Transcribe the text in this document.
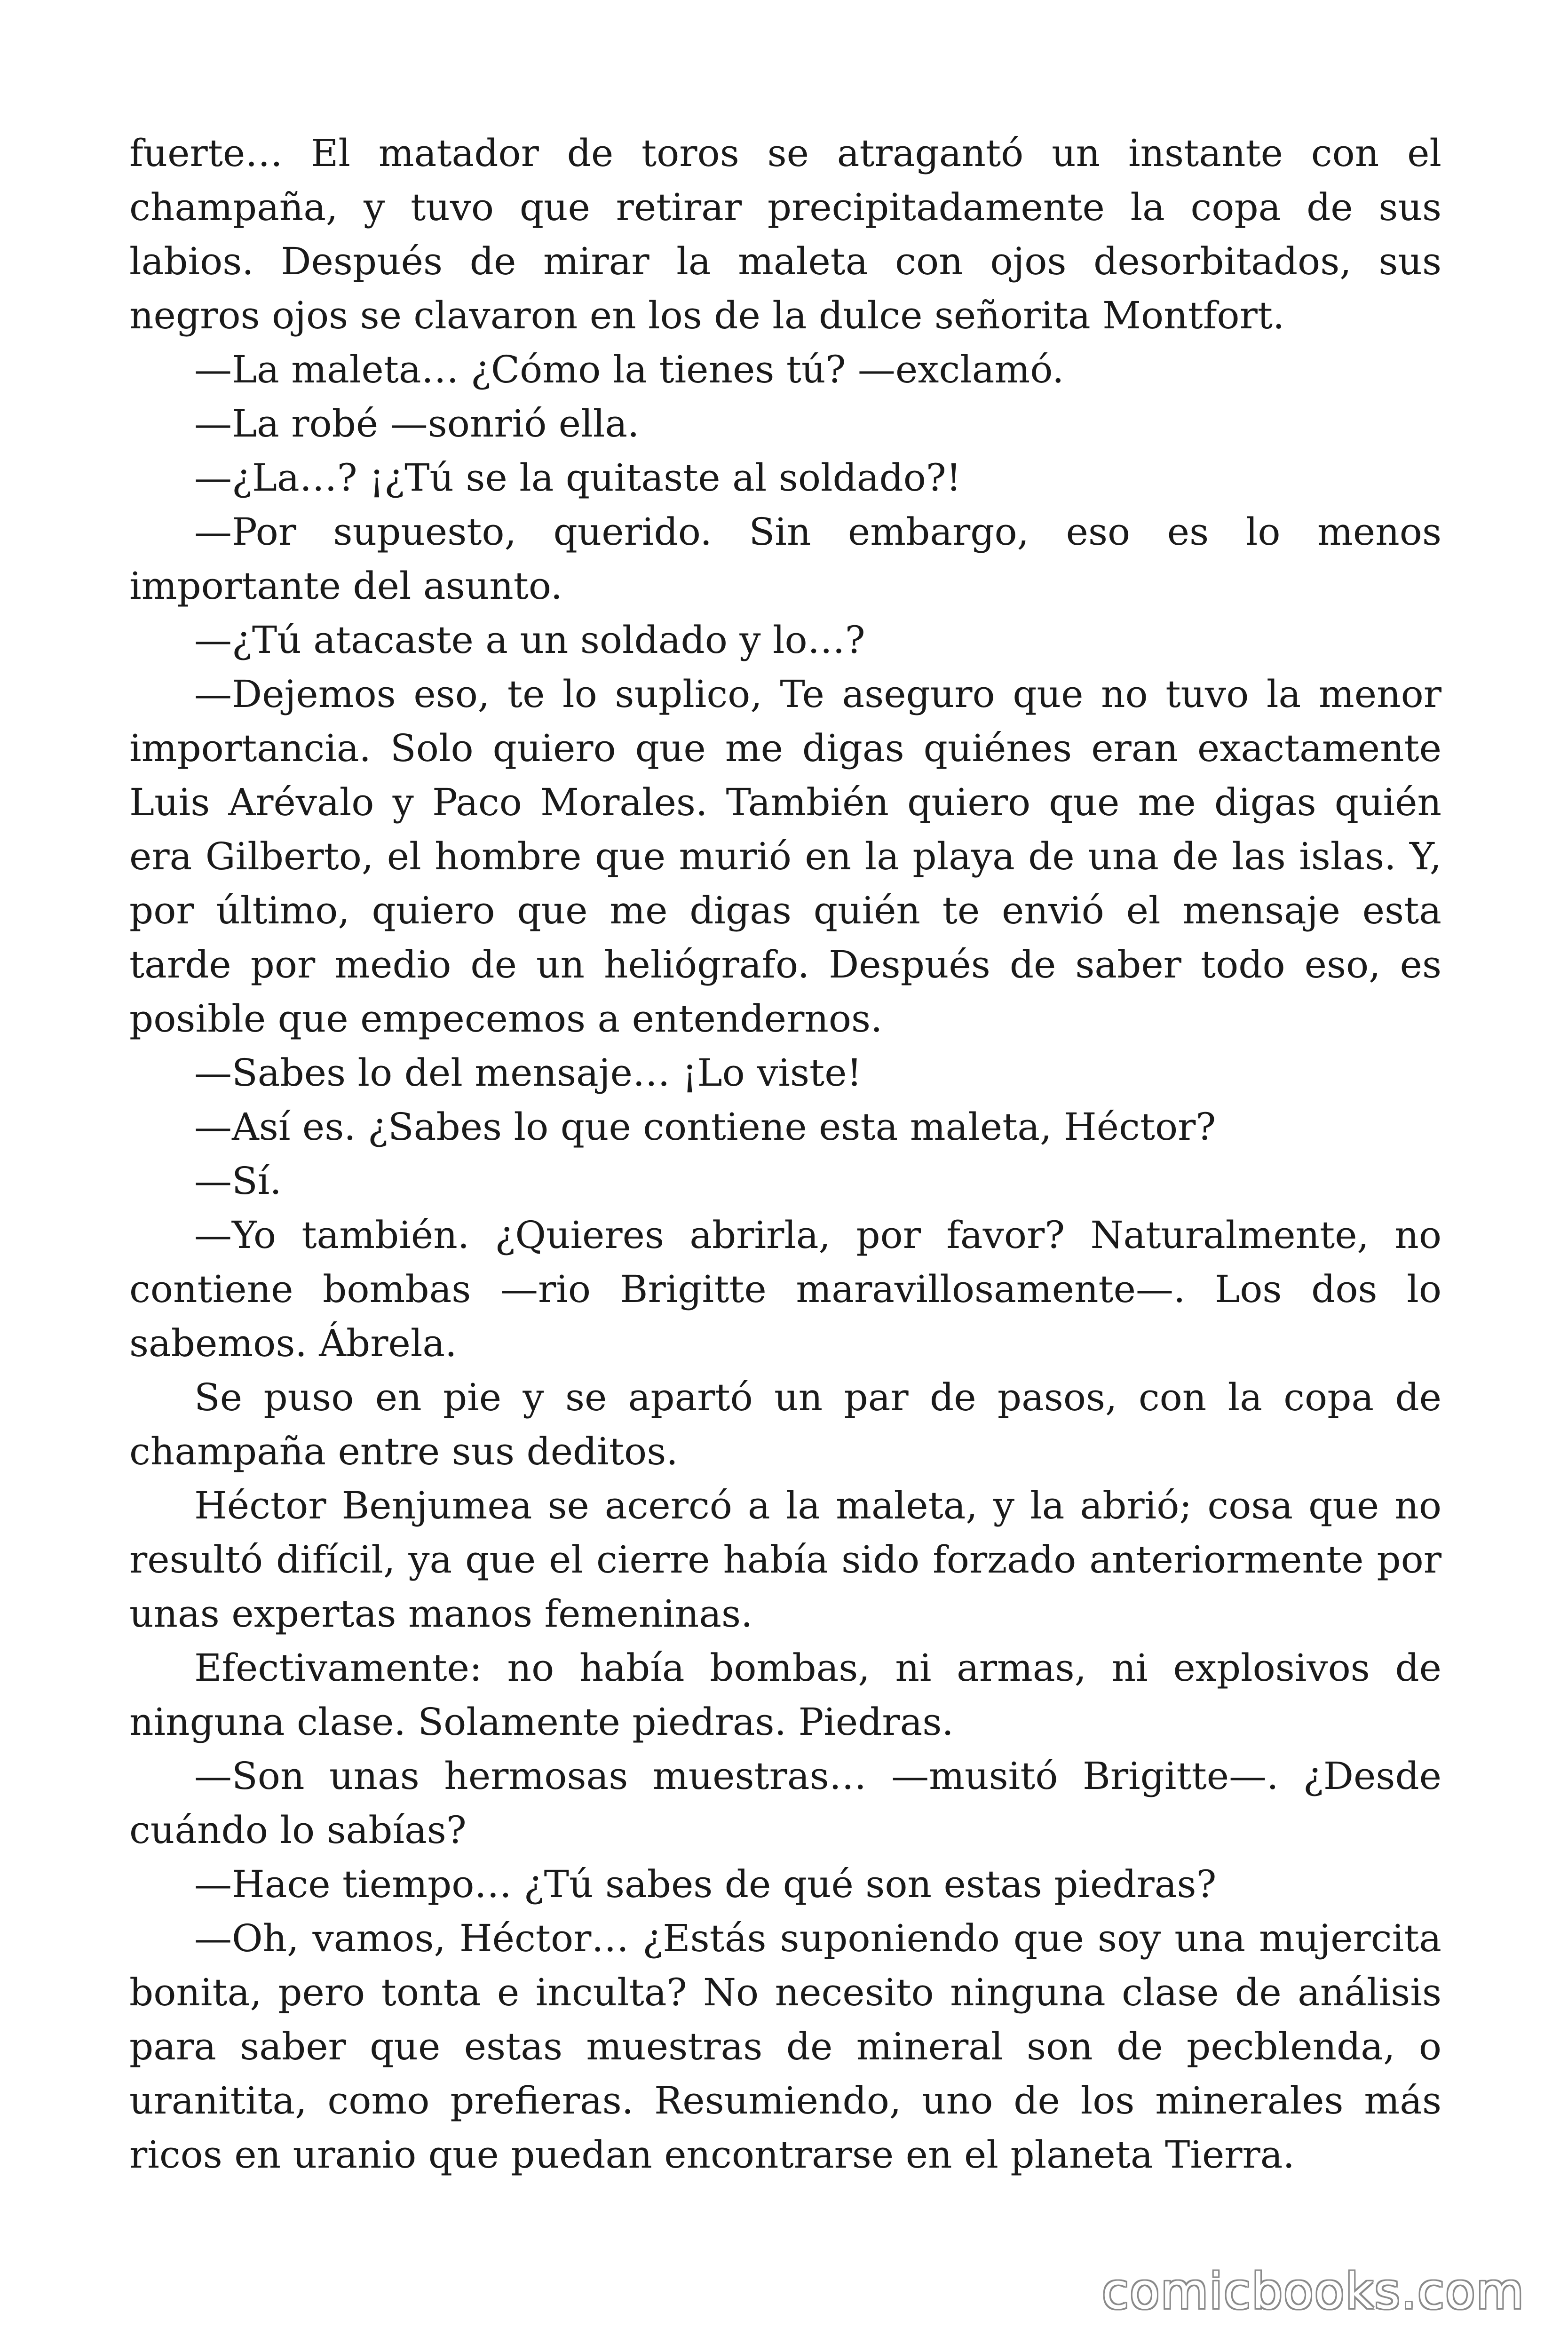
fuerte… El matador de toros se atragantó un instante con el champaña, y tuvo que retirar precipitadamente la copa de sus labios. Después de mirar la maleta con ojos desorbitados, sus negros ojos se clavaron en los de la dulce señorita Montfort.

—La maleta… ¿Cómo la tienes tú? —exclamó.

—La robé —sonrió ella.

—¿La…? ¡¿Tú se la quitaste al soldado?!

—Por supuesto, querido. Sin embargo, eso es lo menos importante del asunto.

—¿Tú atacaste a un soldado y lo…?

—Dejemos eso, te lo suplico, Te aseguro que no tuvo la menor importancia. Solo quiero que me digas quiénes eran exactamente Luis Arévalo y Paco Morales. También quiero que me digas quién era Gilberto, el hombre que murió en la playa de una de las islas. Y, por último, quiero que me digas quién te envió el mensaje esta tarde por medio de un heliógrafo. Después de saber todo eso, es posible que empecemos a entendernos.

—Sabes lo del mensaje… ¡Lo viste!

—Así es. ¿Sabes lo que contiene esta maleta, Héctor?

—Sí.

—Yo también. ¿Quieres abrirla, por favor? Naturalmente, no contiene bombas —rio Brigitte maravillosamente—. Los dos lo sabemos. Ábrela.

Se puso en pie y se apartó un par de pasos, con la copa de champaña entre sus deditos.

Héctor Benjumea se acercó a la maleta, y la abrió; cosa que no resultó difícil, ya que el cierre había sido forzado anteriormente por unas expertas manos femeninas.

Efectivamente: no había bombas, ni armas, ni explosivos de ninguna clase. Solamente piedras. Piedras.

—Son unas hermosas muestras… —musitó Brigitte—. ¿Desde cuándo lo sabías?

—Hace tiempo… ¿Tú sabes de qué son estas piedras?

—Oh, vamos, Héctor… ¿Estás suponiendo que soy una mujercita bonita, pero tonta e inculta? No necesito ninguna clase de análisis para saber que estas muestras de mineral son de pecblenda, o uranitita, como prefieras. Resumiendo, uno de los minerales más ricos en uranio que puedan encontrarse en el planeta Tierra.

comicbooks.com
